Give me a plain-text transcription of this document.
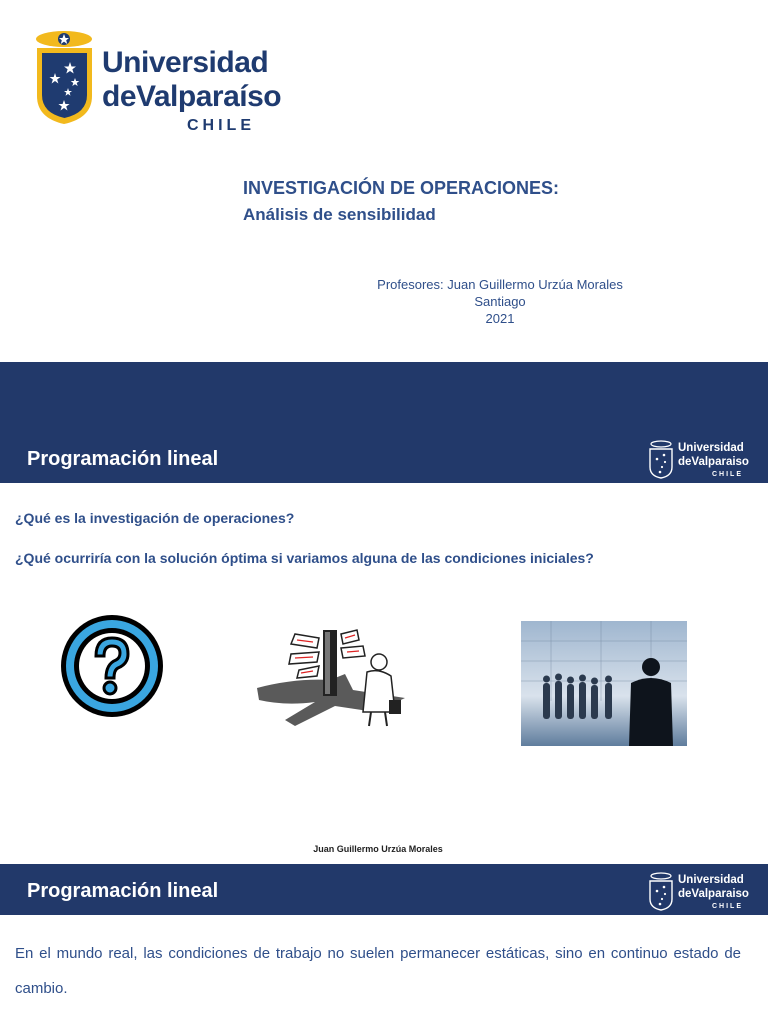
Universidad
deValparaíso
CHILE
INVESTIGACIÓN DE OPERACIONES:
Análisis de sensibilidad
Profesores: Juan Guillermo Urzúa Morales
Santiago
2021
Programación lineal	Universidad
deValparaiso
CHILE
¿Qué es la investigación de operaciones?
¿Qué ocurriría con la solución óptima si variamos alguna de las condiciones iniciales?
Juan Guillermo Urzúa Morales
Programación lineal	Universidad
deValparaiso
CHILE
En el mundo real, las condiciones de trabajo no suelen permanecer estáticas, sino en continuo estado de cambio.
